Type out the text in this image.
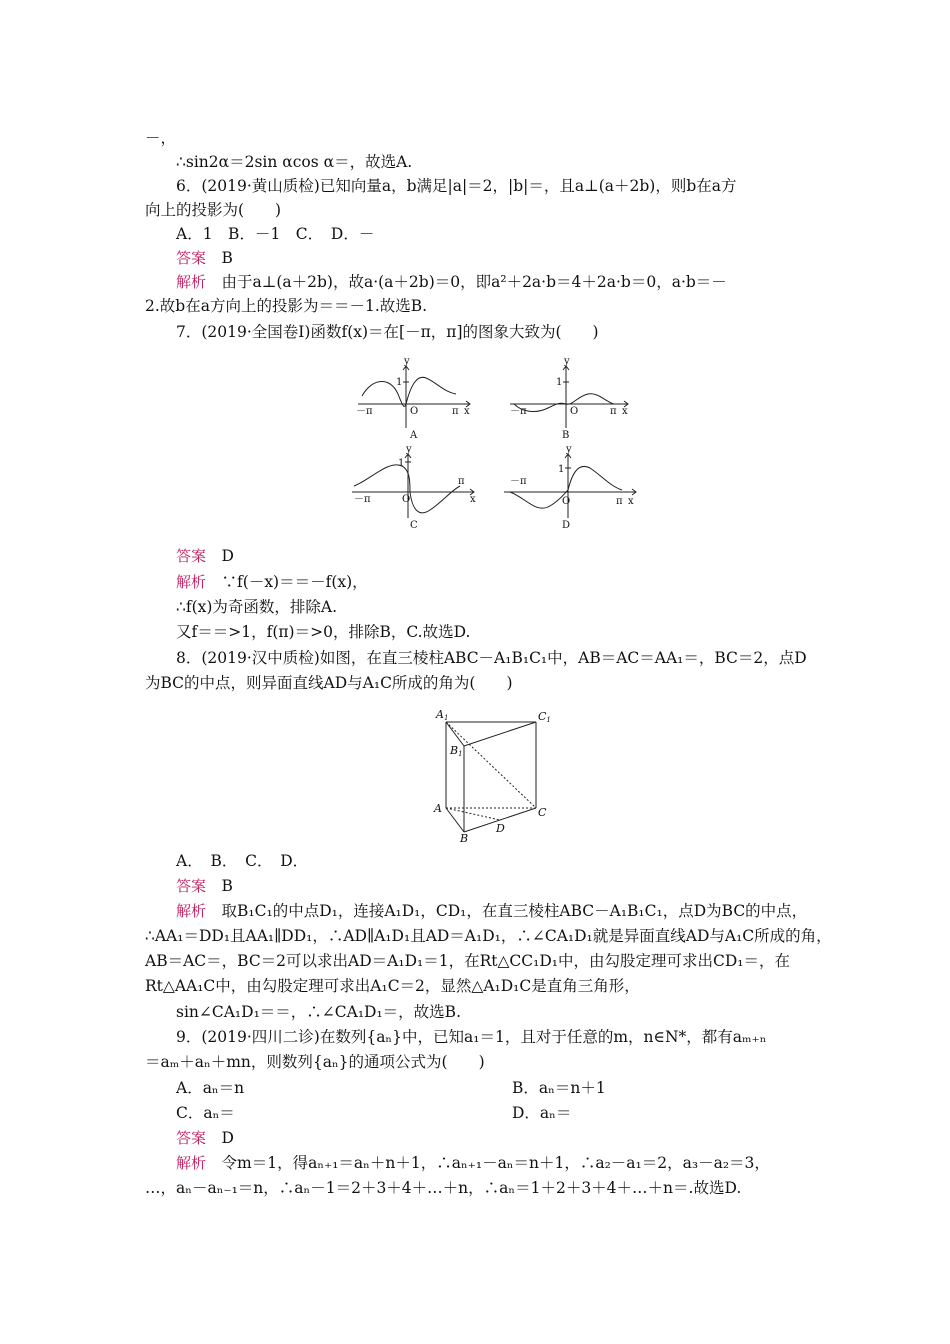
－，
∴sin2α＝2sin αcos α＝，故选A.
6．(2019·黄山质检)已知向量a，b满足|a|＝2，|b|＝，且a⊥(a＋2b)，则b在a方
向上的投影为(　　)
A．1　B．－1　C．　D．－
答案　 B
解析　 由于a⊥(a＋2b)，故a·(a＋2b)＝0，即a²＋2a·b＝4＋2a·b＝0，a·b＝－
2.故b在a方向上的投影为＝＝－1.故选B.
7．(2019·全国卷Ⅰ)函数f(x)＝在[－π，π]的图象大致为(　　)
y
1
－π	O	π x
A
y
1
－π	O	π x
B
y
1
－π	O
π
x
C
y
1
－π
O	π x
D
答案　 D
解析　 ∵f(－x)＝＝－f(x)，
∴f(x)为奇函数，排除A.
又f＝＝>1，f(π)＝>0，排除B，C.故选D.
8．(2019·汉中质检)如图，在直三棱柱ABC－A₁B₁C₁中，AB＝AC＝AA₁＝，BC＝2，点D
为BC的中点，则异面直线AD与A₁C所成的角为(　　)
A1	C1
B1
A	C
B
D
A．　B．　C．　D．
答案　 B
解析　 取B₁C₁的中点D₁，连接A₁D₁，CD₁，在直三棱柱ABC－A₁B₁C₁，点D为BC的中点，
∴AA₁＝DD₁且AA₁∥DD₁，∴AD∥A₁D₁且AD＝A₁D₁，∴∠CA₁D₁就是异面直线AD与A₁C所成的角，
AB＝AC＝，BC＝2可以求出AD＝A₁D₁＝1，在Rt△CC₁D₁中，由勾股定理可求出CD₁＝，在
Rt△AA₁C中，由勾股定理可求出A₁C＝2，显然△A₁D₁C是直角三角形，
sin∠CA₁D₁＝＝，∴∠CA₁D₁＝，故选B.
9．(2019·四川二诊)在数列{aₙ}中，已知a₁＝1，且对于任意的m，n∈N*，都有aₘ₊ₙ
＝aₘ＋aₙ＋mn，则数列{aₙ}的通项公式为(　　)
A．aₙ＝n	B．aₙ＝n＋1
C．aₙ＝	D．aₙ＝
答案　 D
解析　 令m＝1，得aₙ₊₁＝aₙ＋n＋1，∴aₙ₊₁－aₙ＝n＋1，∴a₂－a₁＝2，a₃－a₂＝3，
…，aₙ－aₙ₋₁＝n，∴aₙ－1＝2＋3＋4＋…＋n，∴aₙ＝1＋2＋3＋4＋…＋n＝.故选D.
